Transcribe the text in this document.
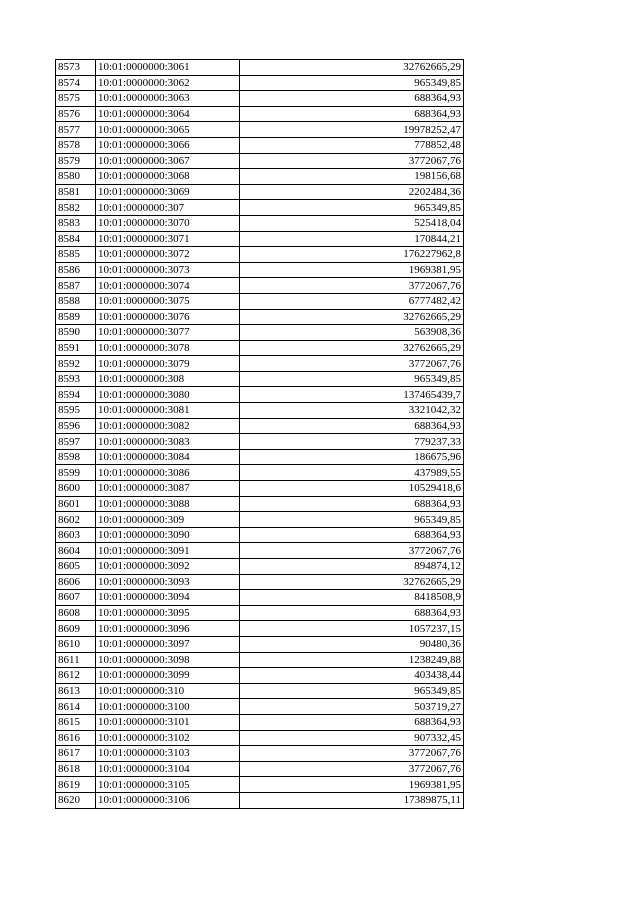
8573	10:01:0000000:3061	32762665,29
8574	10:01:0000000:3062	965349,85
8575	10:01:0000000:3063	688364,93
8576	10:01:0000000:3064	688364,93
8577	10:01:0000000:3065	19978252,47
8578	10:01:0000000:3066	778852,48
8579	10:01:0000000:3067	3772067,76
8580	10:01:0000000:3068	198156,68
8581	10:01:0000000:3069	2202484,36
8582	10:01:0000000:307	965349,85
8583	10:01:0000000:3070	525418,04
8584	10:01:0000000:3071	170844,21
8585	10:01:0000000:3072	176227962,8
8586	10:01:0000000:3073	1969381,95
8587	10:01:0000000:3074	3772067,76
8588	10:01:0000000:3075	6777482,42
8589	10:01:0000000:3076	32762665,29
8590	10:01:0000000:3077	563908,36
8591	10:01:0000000:3078	32762665,29
8592	10:01:0000000:3079	3772067,76
8593	10:01:0000000:308	965349,85
8594	10:01:0000000:3080	137465439,7
8595	10:01:0000000:3081	3321042,32
8596	10:01:0000000:3082	688364,93
8597	10:01:0000000:3083	779237,33
8598	10:01:0000000:3084	186675,96
8599	10:01:0000000:3086	437989,55
8600	10:01:0000000:3087	10529418,6
8601	10:01:0000000:3088	688364,93
8602	10:01:0000000:309	965349,85
8603	10:01:0000000:3090	688364,93
8604	10:01:0000000:3091	3772067,76
8605	10:01:0000000:3092	894874,12
8606	10:01:0000000:3093	32762665,29
8607	10:01:0000000:3094	8418508,9
8608	10:01:0000000:3095	688364,93
8609	10:01:0000000:3096	1057237,15
8610	10:01:0000000:3097	90480,36
8611	10:01:0000000:3098	1238249,88
8612	10:01:0000000:3099	403438,44
8613	10:01:0000000:310	965349,85
8614	10:01:0000000:3100	503719,27
8615	10:01:0000000:3101	688364,93
8616	10:01:0000000:3102	907332,45
8617	10:01:0000000:3103	3772067,76
8618	10:01:0000000:3104	3772067,76
8619	10:01:0000000:3105	1969381,95
8620	10:01:0000000:3106	17389875,11
